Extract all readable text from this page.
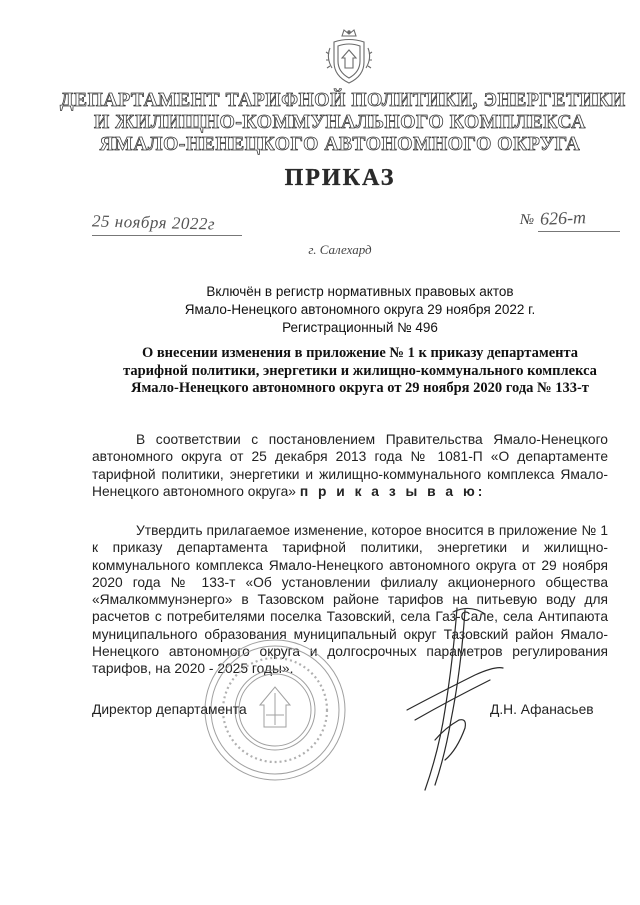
ДЕПАРТАМЕНТ ТАРИФНОЙ ПОЛИТИКИ, ЭНЕРГЕТИКИ
И ЖИЛИЩНО-КОММУНАЛЬНОГО КОМПЛЕКСА
ЯМАЛО-НЕНЕЦКОГО АВТОНОМНОГО ОКРУГА
ПРИКАЗ
25 ноября 2022г	№ 626-т
г. Салехард
Включён в регистр нормативных правовых актов
Ямало-Ненецкого автономного округа 29 ноября 2022 г.
Регистрационный № 496
О внесении изменения в приложение № 1 к приказу департамента
тарифной политики, энергетики и жилищно-коммунального комплекса
Ямало-Ненецкого автономного округа от 29 ноября 2020 года № 133-т
В соответствии с постановлением Правительства Ямало-Ненецкого автономного округа от 25 декабря 2013 года № 1081-П «О департаменте тарифной политики, энергетики и жилищно-коммунального комплекса Ямало-Ненецкого автономного округа» п р и к а з ы в а ю:
Утвердить прилагаемое изменение, которое вносится в приложение № 1 к приказу департамента тарифной политики, энергетики и жилищно-коммунального комплекса Ямало-Ненецкого автономного округа от 29 ноября 2020 года № 133-т «Об установлении филиалу акционерного общества «Ямалкоммунэнерго» в Тазовском районе тарифов на питьевую воду для расчетов с потребителями поселка Тазовский, села Газ-Сале, села Антипаюта муниципального образования муниципальный округ Тазовский район Ямало-Ненецкого автономного округа и долгосрочных параметров регулирования тарифов, на 2020 - 2025 годы».
Директор департамента	Д.Н. Афанасьев
